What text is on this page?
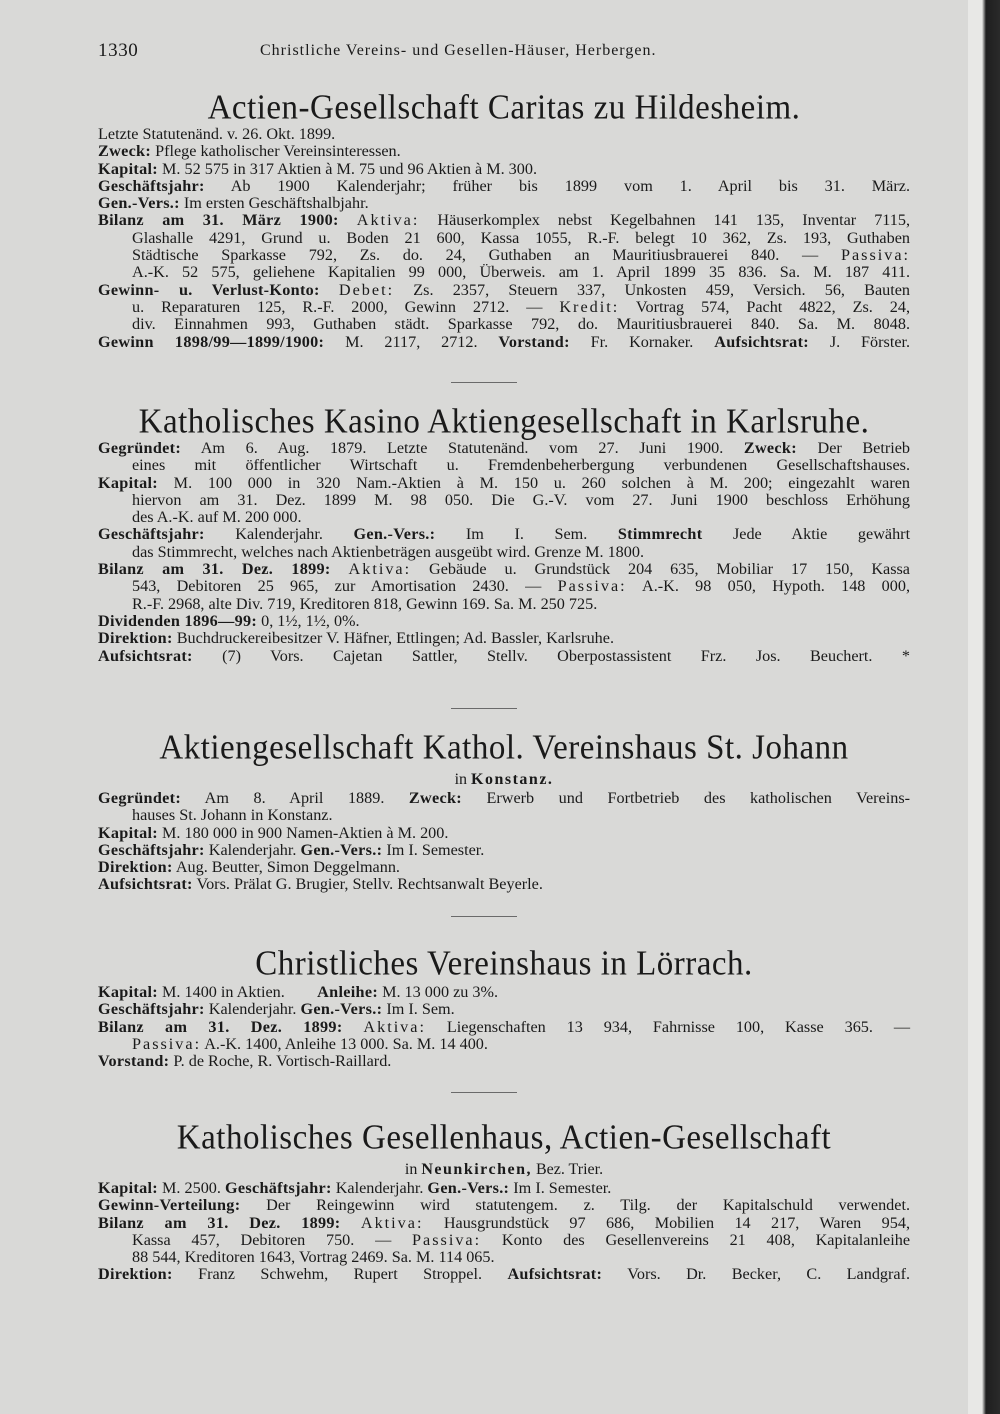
1330	Christliche Vereins- und Gesellen-Häuser, Herbergen.
Actien-Gesellschaft Caritas zu Hildesheim.
Letzte Statutenänd. v. 26. Okt. 1899.
Zweck: Pflege katholischer Vereinsinteressen.
Kapital: M. 52 575 in 317 Aktien à M. 75 und 96 Aktien à M. 300.
Geschäftsjahr: Ab 1900 Kalenderjahr; früher bis 1899 vom 1. April bis 31. März.
Gen.-Vers.: Im ersten Geschäftshalbjahr.
Bilanz am 31. März 1900: Aktiva: Häuserkomplex nebst Kegelbahnen 141 135, Inventar 7115,
Glashalle 4291, Grund u. Boden 21 600, Kassa 1055, R.-F. belegt 10 362, Zs. 193, Guthaben
Städtische Sparkasse 792, Zs. do. 24, Guthaben an Mauritiusbrauerei 840. — Passiva:
A.-K. 52 575, geliehene Kapitalien 99 000, Überweis. am 1. April 1899 35 836. Sa. M. 187 411.
Gewinn- u. Verlust-Konto: Debet: Zs. 2357, Steuern 337, Unkosten 459, Versich. 56, Bauten
u. Reparaturen 125, R.-F. 2000, Gewinn 2712. — Kredit: Vortrag 574, Pacht 4822, Zs. 24,
div. Einnahmen 993, Guthaben städt. Sparkasse 792, do. Mauritiusbrauerei 840. Sa. M. 8048.
Gewinn 1898/99—1899/1900: M. 2117, 2712. Vorstand: Fr. Kornaker. Aufsichtsrat: J. Förster.
Katholisches Kasino Aktiengesellschaft in Karlsruhe.
Gegründet: Am 6. Aug. 1879. Letzte Statutenänd. vom 27. Juni 1900. Zweck: Der Betrieb
eines mit öffentlicher Wirtschaft u. Fremdenbeherbergung verbundenen Gesellschaftshauses.
Kapital: M. 100 000 in 320 Nam.-Aktien à M. 150 u. 260 solchen à M. 200; eingezahlt waren
hiervon am 31. Dez. 1899 M. 98 050. Die G.-V. vom 27. Juni 1900 beschloss Erhöhung
des A.-K. auf M. 200 000.
Geschäftsjahr: Kalenderjahr. Gen.-Vers.: Im I. Sem. Stimmrecht Jede Aktie gewährt
das Stimmrecht, welches nach Aktienbeträgen ausgeübt wird. Grenze M. 1800.
Bilanz am 31. Dez. 1899: Aktiva: Gebäude u. Grundstück 204 635, Mobiliar 17 150, Kassa
543, Debitoren 25 965, zur Amortisation 2430. — Passiva: A.-K. 98 050, Hypoth. 148 000,
R.-F. 2968, alte Div. 719, Kreditoren 818, Gewinn 169. Sa. M. 250 725.
Dividenden 1896—99: 0, 1½, 1½, 0%.
Direktion: Buchdruckereibesitzer V. Häfner, Ettlingen; Ad. Bassler, Karlsruhe.
Aufsichtsrat: (7) Vors. Cajetan Sattler, Stellv. Oberpostassistent Frz. Jos. Beuchert. *
Aktiengesellschaft Kathol. Vereinshaus St. Johann
in Konstanz.
Gegründet: Am 8. April 1889. Zweck: Erwerb und Fortbetrieb des katholischen Vereins-
hauses St. Johann in Konstanz.
Kapital: M. 180 000 in 900 Namen-Aktien à M. 200.
Geschäftsjahr: Kalenderjahr. Gen.-Vers.: Im I. Semester.
Direktion: Aug. Beutter, Simon Deggelmann.
Aufsichtsrat: Vors. Prälat G. Brugier, Stellv. Rechtsanwalt Beyerle.
Christliches Vereinshaus in Lörrach.
Kapital: M. 1400 in Aktien. Anleihe: M. 13 000 zu 3%.
Geschäftsjahr: Kalenderjahr. Gen.-Vers.: Im I. Sem.
Bilanz am 31. Dez. 1899: Aktiva: Liegenschaften 13 934, Fahrnisse 100, Kasse 365. —
Passiva: A.-K. 1400, Anleihe 13 000. Sa. M. 14 400.
Vorstand: P. de Roche, R. Vortisch-Raillard.
Katholisches Gesellenhaus, Actien-Gesellschaft
in Neunkirchen, Bez. Trier.
Kapital: M. 2500. Geschäftsjahr: Kalenderjahr. Gen.-Vers.: Im I. Semester.
Gewinn-Verteilung: Der Reingewinn wird statutengem. z. Tilg. der Kapitalschuld verwendet.
Bilanz am 31. Dez. 1899: Aktiva: Hausgrundstück 97 686, Mobilien 14 217, Waren 954,
Kassa 457, Debitoren 750. — Passiva: Konto des Gesellenvereins 21 408, Kapitalanleihe
88 544, Kreditoren 1643, Vortrag 2469. Sa. M. 114 065.
Direktion: Franz Schwehm, Rupert Stroppel. Aufsichtsrat: Vors. Dr. Becker, C. Landgraf.
